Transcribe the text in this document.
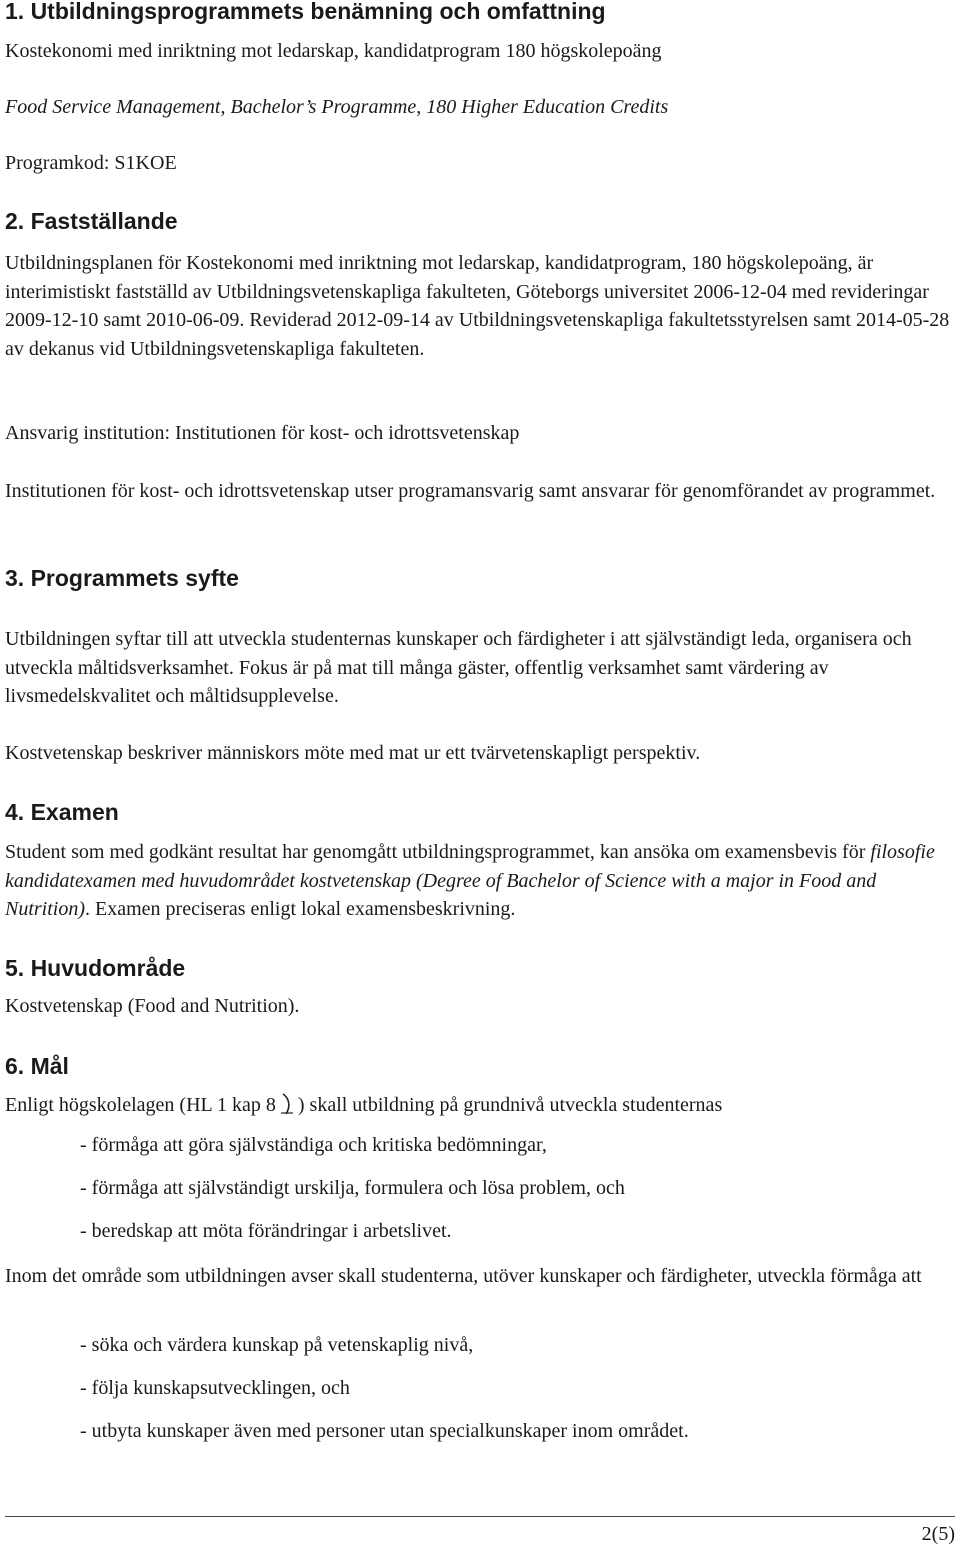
1. Utbildningsprogrammets benämning och omfattning

Kostekonomi med inriktning mot ledarskap, kandidatprogram 180 högskolepoäng

Food Service Management, Bachelor’s Programme, 180 Higher Education Credits

Programkod: S1KOE

2. Fastställande

Utbildningsplanen för Kostekonomi med inriktning mot ledarskap, kandidatprogram, 180 högskolepoäng, är interimistiskt fastställd av Utbildningsvetenskapliga fakulteten, Göteborgs universitet 2006-12-04 med revideringar 2009-12-10 samt 2010-06-09. Reviderad 2012-09-14 av Utbildningsvetenskapliga fakultetsstyrelsen samt 2014-05-28 av dekanus vid Utbildningsvetenskapliga fakulteten.

Ansvarig institution: Institutionen för kost- och idrottsvetenskap

Institutionen för kost- och idrottsvetenskap utser programansvarig samt ansvarar för genomförandet av programmet.

3. Programmets syfte

Utbildningen syftar till att utveckla studenternas kunskaper och färdigheter i att självständigt leda, organisera och utveckla måltidsverksamhet. Fokus är på mat till många gäster, offentlig verksamhet samt värdering av livsmedelskvalitet och måltidsupplevelse.

Kostvetenskap beskriver människors möte med mat ur ett tvärvetenskapligt perspektiv.

4. Examen

Student som med godkänt resultat har genomgått utbildningsprogrammet, kan ansöka om examensbevis för filosofie kandidatexamen med huvudområdet kostvetenskap (Degree of Bachelor of Science with a major in Food and Nutrition). Examen preciseras enligt lokal examensbeskrivning.

5. Huvudområde

Kostvetenskap (Food and Nutrition).

6. Mål

Enligt högskolelagen (HL 1 kap 8 ) skall utbildning på grundnivå utveckla studenternas

- förmåga att göra självständiga och kritiska bedömningar,

- förmåga att självständigt urskilja, formulera och lösa problem, och

- beredskap att möta förändringar i arbetslivet.

Inom det område som utbildningen avser skall studenterna, utöver kunskaper och färdigheter, utveckla förmåga att

- söka och värdera kunskap på vetenskaplig nivå,

- följa kunskapsutvecklingen, och

- utbyta kunskaper även med personer utan specialkunskaper inom området.

2(5)
